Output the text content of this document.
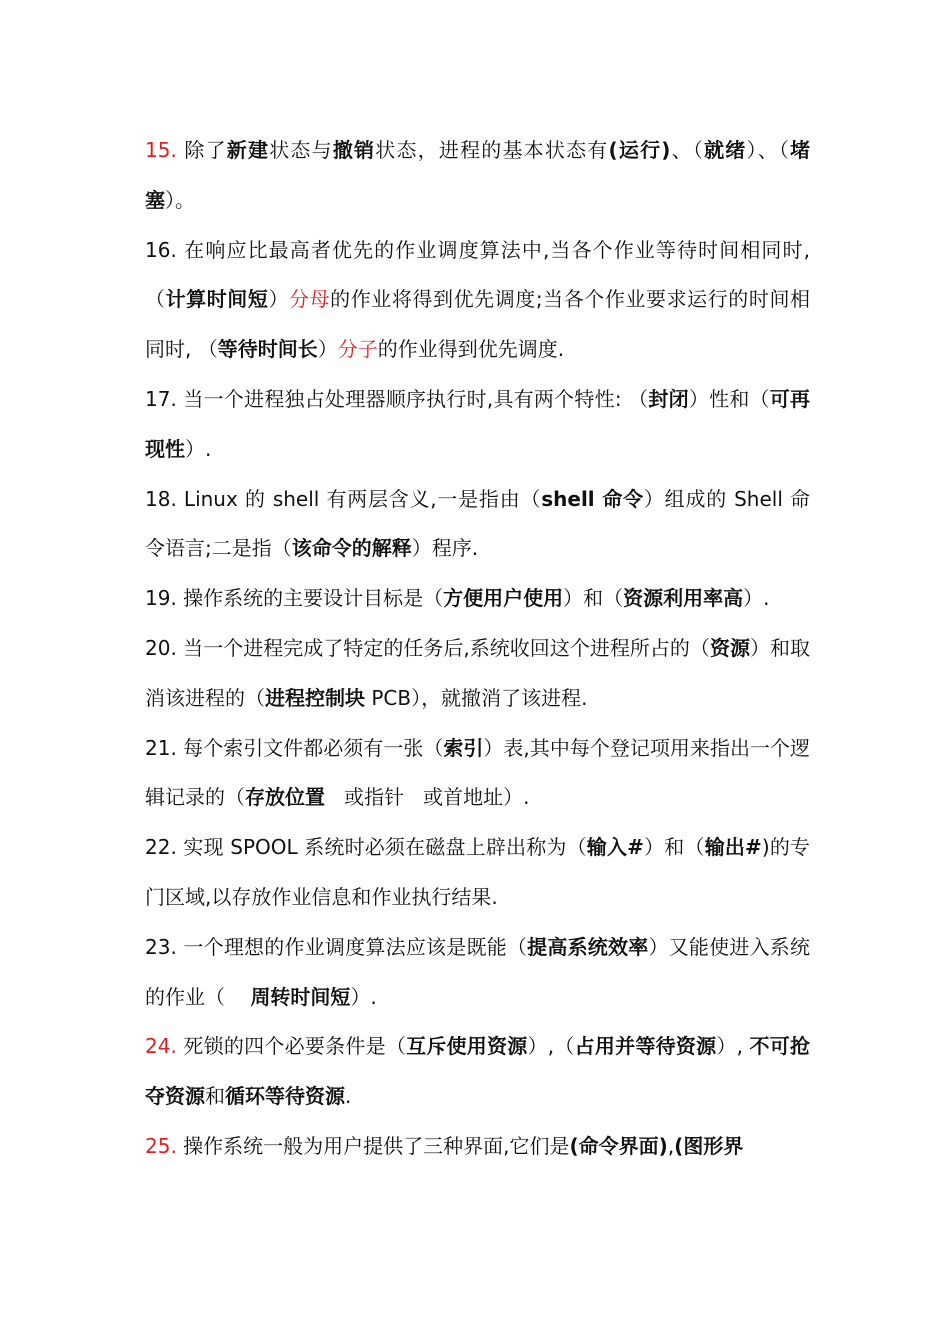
15. 除了新建状态与撤销状态，进程的基本状态有(运行)、（就绪）、（堵塞）。

16. 在响应比最高者优先的作业调度算法中,当各个作业等待时间相同时,（计算时间短）分母的作业将得到优先调度;当各个作业要求运行的时间相同时, （等待时间长）分子的作业得到优先调度.

17. 当一个进程独占处理器顺序执行时,具有两个特性: （封闭）性和（可再现性）.

18. Linux 的 shell 有两层含义,一是指由（shell 命令）组成的 Shell 命令语言;二是指（该命令的解释）程序.

19. 操作系统的主要设计目标是（方便用户使用）和（资源利用率高）.

20. 当一个进程完成了特定的任务后,系统收回这个进程所占的（资源）和取消该进程的（进程控制块 PCB），就撤消了该进程.

21. 每个索引文件都必须有一张（索引）表,其中每个登记项用来指出一个逻辑记录的（存放位置   或指针   或首地址）.

22. 实现 SPOOL 系统时必须在磁盘上辟出称为（输入#）和（输出#)的专门区域,以存放作业信息和作业执行结果.

23. 一个理想的作业调度算法应该是既能（提高系统效率）又能使进入系统的作业（    周转时间短）.

24. 死锁的四个必要条件是（互斥使用资源）,（占用并等待资源）, 不可抢夺资源和循环等待资源.

25. 操作系统一般为用户提供了三种界面,它们是(命令界面),(图形界
